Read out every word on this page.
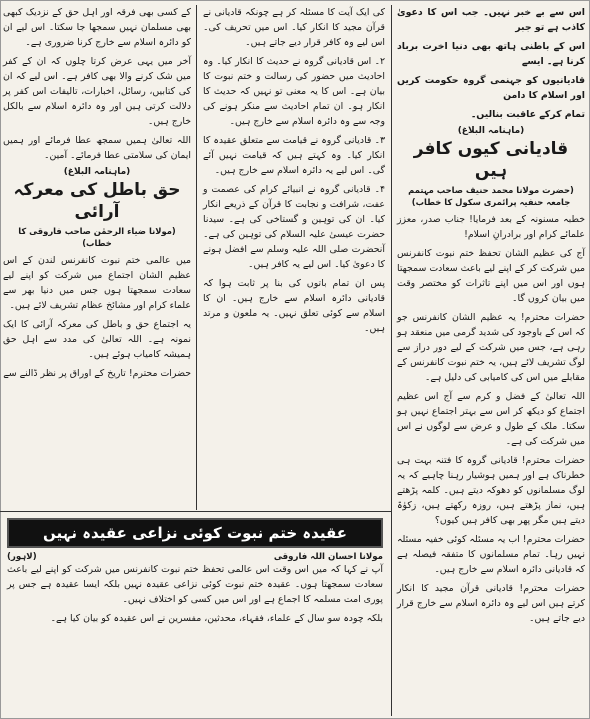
اس سے بے خبر نہیں۔ جب اس کا دعویٰ کاذب ہے تو جبر

اس کے باطنی ہاتھ بھی دنیا اخرت برباد کرنا ہے۔ ایسے

قادیانیوں کو جہنمی گروہ حکومت کریں اور اسلام کا دامن

تمام کرکے عاقبت بنالیں۔

(ماہنامہ البلاغ)
قادیانی کیوں کافر ہیں
(حضرت مولانا محمد حنیف صاحب مہتمم
جامعہ حنفیہ پرائمری سکول کا خطاب)

خطبہ مسنونہ کے بعد فرمایا! جناب صدر، معزز علمائے کرام اور برادرانِ اسلام!

آج کی عظیم الشان تحفظ ختم نبوت کانفرنس میں شرکت کر کے اپنے لیے باعث سعادت سمجھتا ہوں اور اس میں اپنے تاثرات کو مختصر وقت میں بیان کروں گا۔

حضرات محترم! یہ عظیم الشان کانفرنس جو کہ اس کے باوجود کی شدید گرمی میں منعقد ہو رہی ہے، جس میں شرکت کے لیے دور دراز سے لوگ تشریف لائے ہیں، یہ ختم نبوت کانفرنس کے مقابلے میں اس کی کامیابی کی دلیل ہے۔

اللہ تعالیٰ کے فضل و کرم سے آج اس عظیم اجتماع کو دیکھ کر اس سے بہتر اجتماع نہیں ہو سکتا۔ ملک کے طول و عرض سے لوگوں نے اس میں شرکت کی ہے۔

حضرات محترم! قادیانی گروہ کا فتنہ بہت ہی خطرناک ہے اور ہمیں ہوشیار رہنا چاہیے کہ یہ لوگ مسلمانوں کو دھوکہ دیتے ہیں۔ کلمہ پڑھتے ہیں، نماز پڑھتے ہیں، روزہ رکھتے ہیں، زکوٰۃ دیتے ہیں مگر پھر بھی کافر ہیں کیوں؟

حضرات محترم! اب یہ مسئلہ کوئی خفیہ مسئلہ نہیں رہا۔ تمام مسلمانوں کا متفقہ فیصلہ ہے کہ قادیانی دائرہ اسلام سے خارج ہیں۔

حضرات محترم! قادیانی قرآن مجید کا انکار کرتے ہیں اس لیے وہ دائرہ اسلام سے خارج قرار دیے جاتے ہیں۔

کی ایک آیت کا مسئلہ کر ہے چونکہ قادیانی نے قرآن مجید کا انکار کیا۔ اس میں تحریف کی۔ اس لیے وہ کافر قرار دیے جاتے ہیں۔

۲۔ اس قادیانی گروہ نے حدیث کا انکار کیا۔ وہ احادیث میں حضور کی رسالت و ختم نبوت کا بیان ہے۔ اس کا یہ معنی تو نہیں کہ حدیث کا انکار ہو۔ ان تمام احادیث سے منکر ہونے کی وجہ سے وہ دائرہ اسلام سے خارج ہیں۔

۳۔ قادیانی گروہ نے قیامت سے متعلق عقیدہ کا انکار کیا۔ وہ کہتے ہیں کہ قیامت نہیں آئے گی۔ اس لیے یہ دائرہ اسلام سے خارج ہیں۔

۴۔ قادیانی گروہ نے انبیائے کرام کی عصمت و عفت، شرافت و نجابت کا قرآن کے ذریعے انکار کیا۔ ان کی توہین و گستاخی کی ہے۔ سیدنا حضرت عیسیٰ علیہ السلام کی توہین کی ہے۔ آنحضرت صلی اللہ علیہ وسلم سے افضل ہونے کا دعویٰ کیا۔ اس لیے یہ کافر ہیں۔

پس ان تمام باتوں کی بنا پر ثابت ہوا کہ قادیانی دائرہ اسلام سے خارج ہیں۔ ان کا اسلام سے کوئی تعلق نہیں۔ یہ ملعون و مرتد ہیں۔

کے کسی بھی فرقہ اور اہل حق کے نزدیک کبھی بھی مسلمان نہیں سمجھا جا سکتا۔ اس لیے ان کو دائرہ اسلام سے خارج کرنا ضروری ہے۔

آخر میں یہی عرض کرتا چلوں کہ ان کے کفر میں شک کرنے والا بھی کافر ہے۔ اس لیے کہ ان کی کتابیں، رسائل، اخبارات، تالیفات اس کفر پر دلالت کرتی ہیں اور وہ دائرہ اسلام سے بالکل خارج ہیں۔

اللہ تعالیٰ ہمیں سمجھ عطا فرمائے اور ہمیں ایمان کی سلامتی عطا فرمائے۔ آمین۔

(ماہنامہ البلاغ)
حق باطل کی معرکہ آرائی
(مولانا ضیاء الرحمٰن صاحب فاروقی کا خطاب)

میں عالمی ختم نبوت کانفرنس لندن کے اس عظیم الشان اجتماع میں شرکت کو اپنے لیے سعادت سمجھتا ہوں جس میں دنیا بھر سے علماء کرام اور مشائخ عظام تشریف لائے ہیں۔

یہ اجتماع حق و باطل کی معرکہ آرائی کا ایک نمونہ ہے۔ اللہ تعالیٰ کی مدد سے اہل حق ہمیشہ کامیاب ہوئے ہیں۔

حضرات محترم! تاریخ کے اوراق پر نظر ڈالنے سے

عقیدہ ختم نبوت کوئی نزاعی عقیدہ نہیں
مولانا احسان اللہ فاروقی
(لاہور)

آپ نے کہا کہ میں اس وقت اس عالمی تحفظ ختم نبوت کانفرنس میں شرکت کو اپنے لیے باعث سعادت سمجھتا ہوں۔ عقیدہ ختم نبوت کوئی نزاعی عقیدہ نہیں بلکہ ایسا عقیدہ ہے جس پر پوری امت مسلمہ کا اجماع ہے اور اس میں کسی کو اختلاف نہیں۔

بلکہ چودہ سو سال کے علماء، فقہاء، محدثین، مفسرین نے اس عقیدہ کو بیان کیا ہے۔
